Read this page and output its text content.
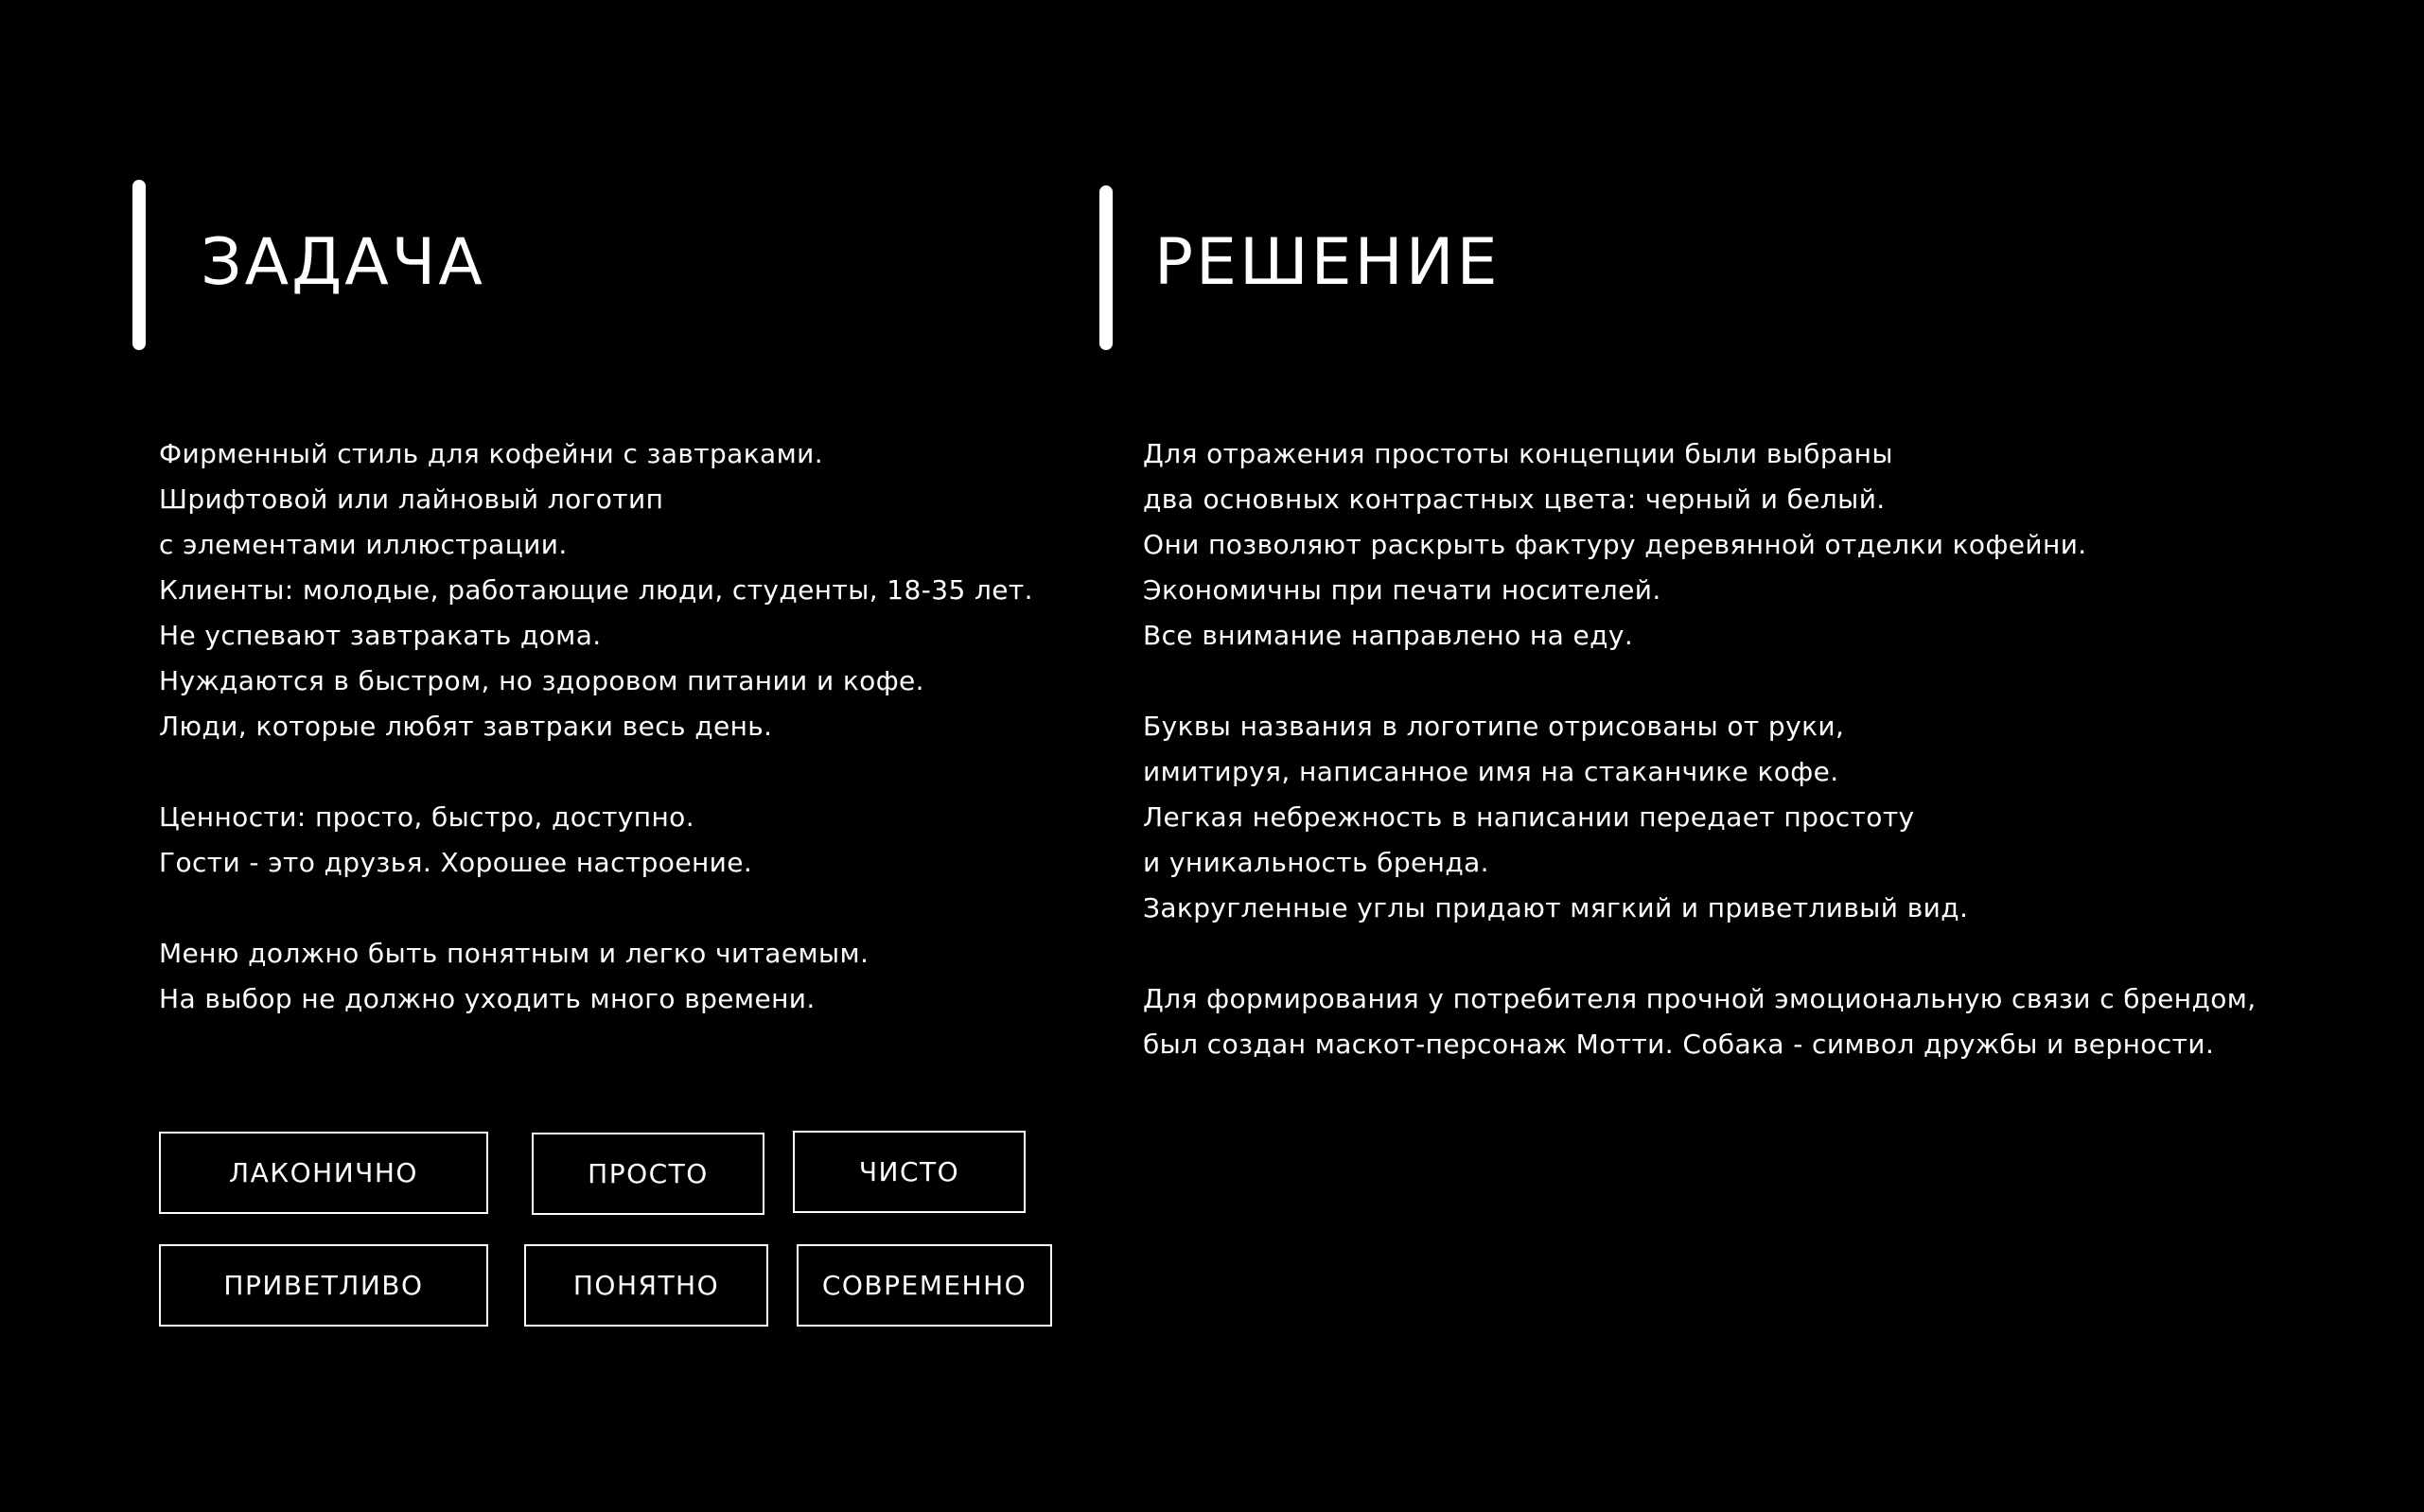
ЗАДАЧА
Фирменный стиль для кофейни с завтраками.
Шрифтовой или лайновый логотип
с элементами иллюстрации.
Клиенты: молодые, работающие люди, студенты, 18-35 лет.
Не успевают завтракать дома.
Нуждаются в быстром, но здоровом питании и кофе.
Люди, которые любят завтраки весь день.
Ценности: просто, быстро, доступно.
Гости - это друзья. Хорошее настроение.
Меню должно быть понятным и легко читаемым.
На выбор не должно уходить много времени.
РЕШЕНИЕ
Для отражения простоты концепции были выбраны
два основных контрастных цвета: черный и белый.
Они позволяют раскрыть фактуру деревянной отделки кофейни.
Экономичны при печати носителей.
Все внимание направлено на еду.
Буквы названия в логотипе отрисованы от руки,
имитируя, написанное имя на стаканчике кофе.
Легкая небрежность в написании передает простоту
и уникальность бренда.
Закругленные углы придают мягкий и приветливый вид.
Для формирования у потребителя прочной эмоциональную связи с брендом,
был создан маскот-персонаж Мотти. Собака - символ дружбы и верности.
ЛАКОНИЧНО	ПРОСТО	ЧИСТО
ПРИВЕТЛИВО	ПОНЯТНО	СОВРЕМЕННО
